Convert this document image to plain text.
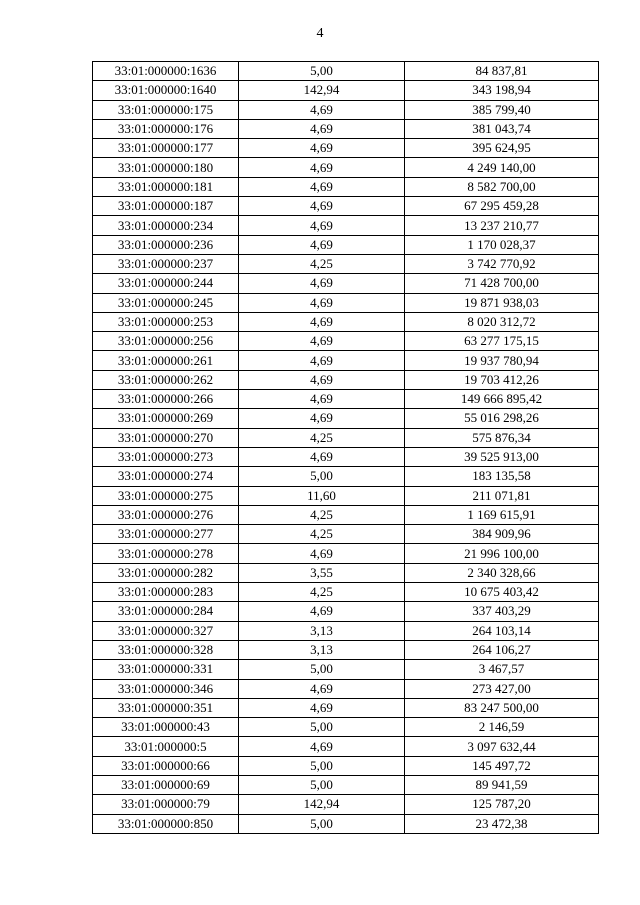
4
33:01:000000:1636	5,00	84 837,81
33:01:000000:1640	142,94	343 198,94
33:01:000000:175	4,69	385 799,40
33:01:000000:176	4,69	381 043,74
33:01:000000:177	4,69	395 624,95
33:01:000000:180	4,69	4 249 140,00
33:01:000000:181	4,69	8 582 700,00
33:01:000000:187	4,69	67 295 459,28
33:01:000000:234	4,69	13 237 210,77
33:01:000000:236	4,69	1 170 028,37
33:01:000000:237	4,25	3 742 770,92
33:01:000000:244	4,69	71 428 700,00
33:01:000000:245	4,69	19 871 938,03
33:01:000000:253	4,69	8 020 312,72
33:01:000000:256	4,69	63 277 175,15
33:01:000000:261	4,69	19 937 780,94
33:01:000000:262	4,69	19 703 412,26
33:01:000000:266	4,69	149 666 895,42
33:01:000000:269	4,69	55 016 298,26
33:01:000000:270	4,25	575 876,34
33:01:000000:273	4,69	39 525 913,00
33:01:000000:274	5,00	183 135,58
33:01:000000:275	11,60	211 071,81
33:01:000000:276	4,25	1 169 615,91
33:01:000000:277	4,25	384 909,96
33:01:000000:278	4,69	21 996 100,00
33:01:000000:282	3,55	2 340 328,66
33:01:000000:283	4,25	10 675 403,42
33:01:000000:284	4,69	337 403,29
33:01:000000:327	3,13	264 103,14
33:01:000000:328	3,13	264 106,27
33:01:000000:331	5,00	3 467,57
33:01:000000:346	4,69	273 427,00
33:01:000000:351	4,69	83 247 500,00
33:01:000000:43	5,00	2 146,59
33:01:000000:5	4,69	3 097 632,44
33:01:000000:66	5,00	145 497,72
33:01:000000:69	5,00	89 941,59
33:01:000000:79	142,94	125 787,20
33:01:000000:850	5,00	23 472,38
